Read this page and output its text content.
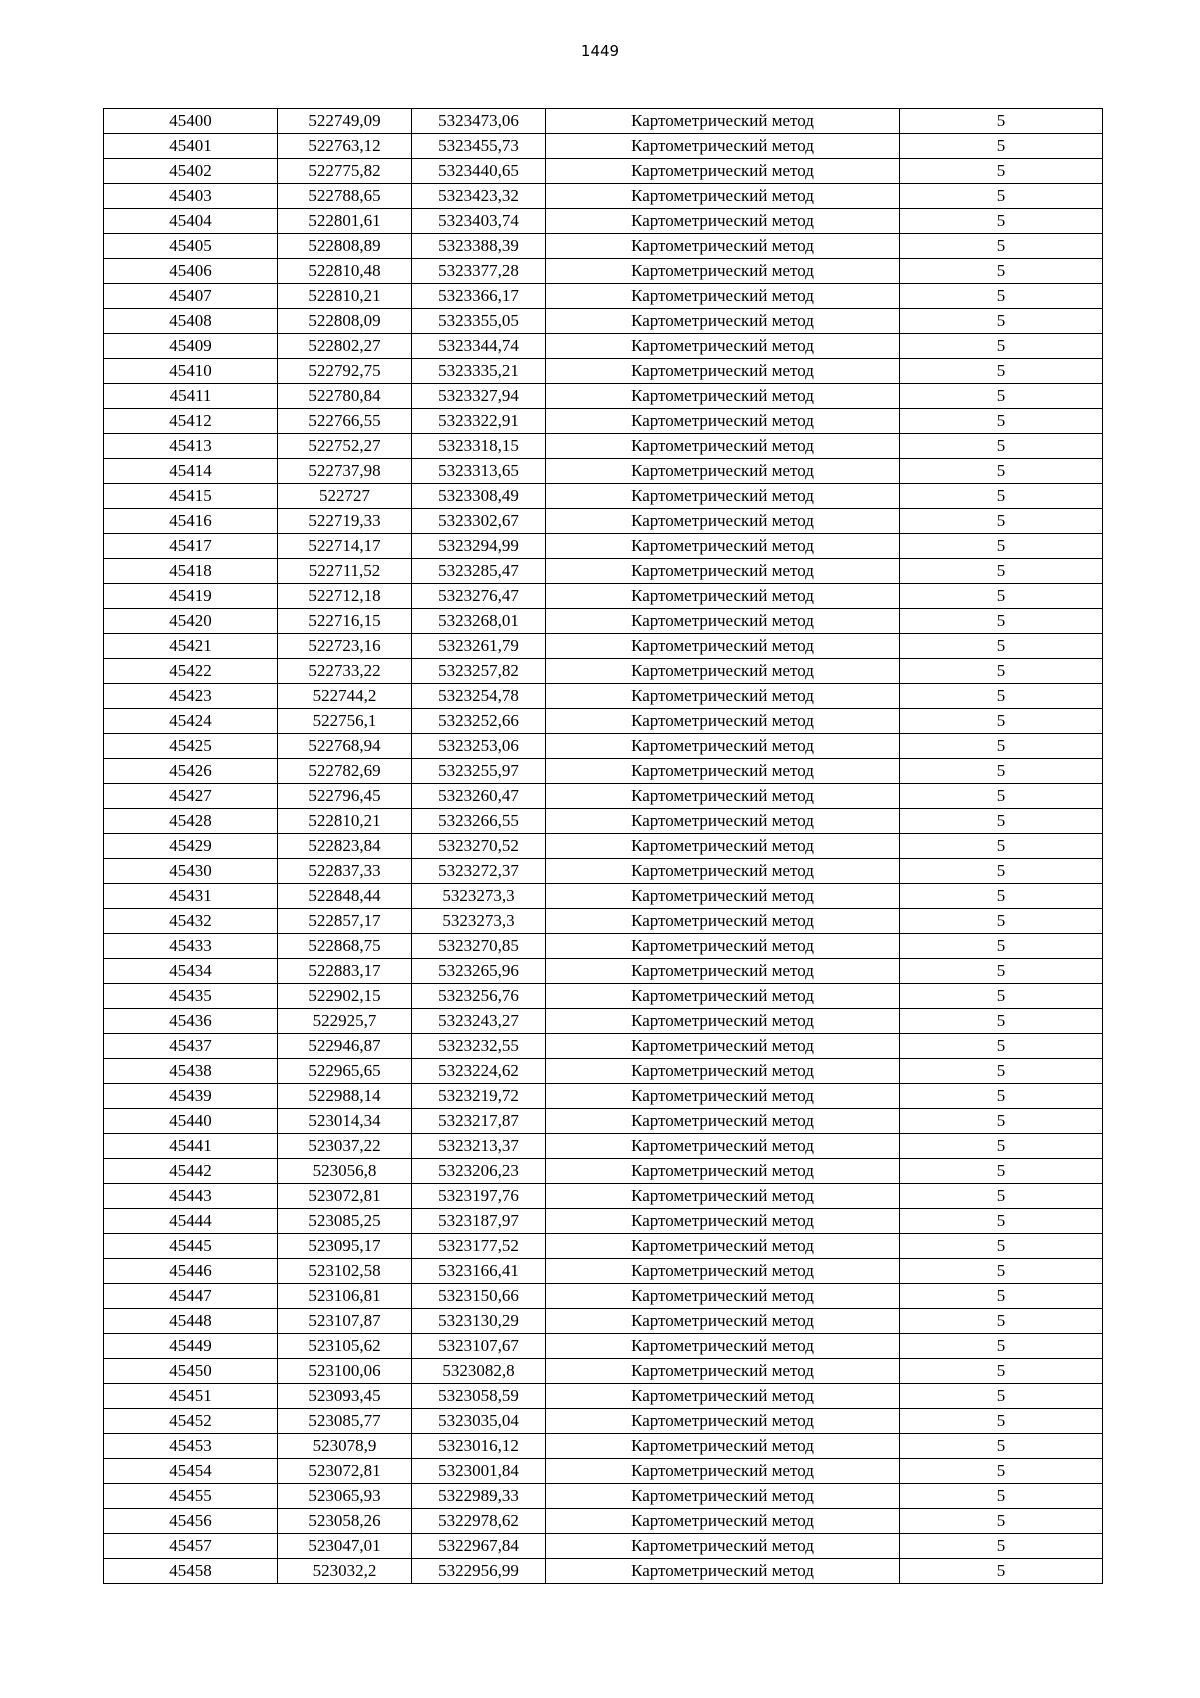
1449
45400	522749,09	5323473,06	Картометрический метод	5
45401	522763,12	5323455,73	Картометрический метод	5
45402	522775,82	5323440,65	Картометрический метод	5
45403	522788,65	5323423,32	Картометрический метод	5
45404	522801,61	5323403,74	Картометрический метод	5
45405	522808,89	5323388,39	Картометрический метод	5
45406	522810,48	5323377,28	Картометрический метод	5
45407	522810,21	5323366,17	Картометрический метод	5
45408	522808,09	5323355,05	Картометрический метод	5
45409	522802,27	5323344,74	Картометрический метод	5
45410	522792,75	5323335,21	Картометрический метод	5
45411	522780,84	5323327,94	Картометрический метод	5
45412	522766,55	5323322,91	Картометрический метод	5
45413	522752,27	5323318,15	Картометрический метод	5
45414	522737,98	5323313,65	Картометрический метод	5
45415	522727	5323308,49	Картометрический метод	5
45416	522719,33	5323302,67	Картометрический метод	5
45417	522714,17	5323294,99	Картометрический метод	5
45418	522711,52	5323285,47	Картометрический метод	5
45419	522712,18	5323276,47	Картометрический метод	5
45420	522716,15	5323268,01	Картометрический метод	5
45421	522723,16	5323261,79	Картометрический метод	5
45422	522733,22	5323257,82	Картометрический метод	5
45423	522744,2	5323254,78	Картометрический метод	5
45424	522756,1	5323252,66	Картометрический метод	5
45425	522768,94	5323253,06	Картометрический метод	5
45426	522782,69	5323255,97	Картометрический метод	5
45427	522796,45	5323260,47	Картометрический метод	5
45428	522810,21	5323266,55	Картометрический метод	5
45429	522823,84	5323270,52	Картометрический метод	5
45430	522837,33	5323272,37	Картометрический метод	5
45431	522848,44	5323273,3	Картометрический метод	5
45432	522857,17	5323273,3	Картометрический метод	5
45433	522868,75	5323270,85	Картометрический метод	5
45434	522883,17	5323265,96	Картометрический метод	5
45435	522902,15	5323256,76	Картометрический метод	5
45436	522925,7	5323243,27	Картометрический метод	5
45437	522946,87	5323232,55	Картометрический метод	5
45438	522965,65	5323224,62	Картометрический метод	5
45439	522988,14	5323219,72	Картометрический метод	5
45440	523014,34	5323217,87	Картометрический метод	5
45441	523037,22	5323213,37	Картометрический метод	5
45442	523056,8	5323206,23	Картометрический метод	5
45443	523072,81	5323197,76	Картометрический метод	5
45444	523085,25	5323187,97	Картометрический метод	5
45445	523095,17	5323177,52	Картометрический метод	5
45446	523102,58	5323166,41	Картометрический метод	5
45447	523106,81	5323150,66	Картометрический метод	5
45448	523107,87	5323130,29	Картометрический метод	5
45449	523105,62	5323107,67	Картометрический метод	5
45450	523100,06	5323082,8	Картометрический метод	5
45451	523093,45	5323058,59	Картометрический метод	5
45452	523085,77	5323035,04	Картометрический метод	5
45453	523078,9	5323016,12	Картометрический метод	5
45454	523072,81	5323001,84	Картометрический метод	5
45455	523065,93	5322989,33	Картометрический метод	5
45456	523058,26	5322978,62	Картометрический метод	5
45457	523047,01	5322967,84	Картометрический метод	5
45458	523032,2	5322956,99	Картометрический метод	5
